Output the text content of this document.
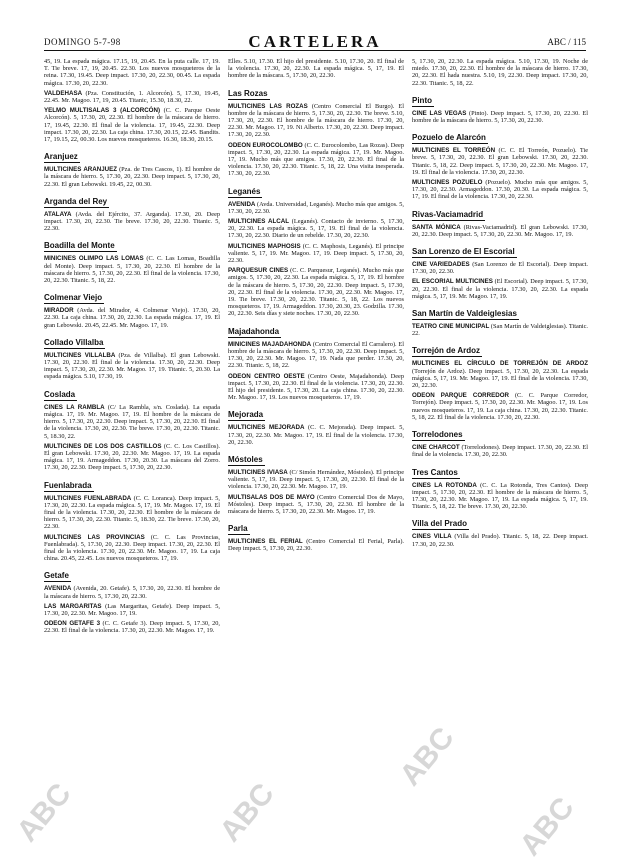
DOMINGO 5-7-98	CARTELERA	ABC / 115
45, 19. La espada mágica. 17.15, 19, 20.45. En la puta calle. 17, 19. T. Tie breve. 17, 19, 20.45. 22.30. Los nuevos mosqueteros de la reina. 17.30, 19.45. Deep impact. 17.30, 20, 22.30, 00.45. La espada mágica. 17.30, 20, 22.30.
VALDEHASA (Pza. Constitución, 1. Alcorcón). 5, 17.30, 19.45, 22.45. Mr. Magoo. 17, 19, 20.45. Titanic, 15.30, 18.30, 22.
YELMO MULTISALAS 3 (ALCORCÓN) (C. C. Parque Oeste Alcorcón). 5, 17.30, 20, 22.30. El hombre de la máscara de hierro. 17, 19.45, 22.30. El final de la violencia. 17, 19.45, 22.30. Deep impact. 17.30, 20, 22.30. La caja china. 17.30, 20.15, 22.45. Bandits. 17, 19.15, 22, 00.30. Los nuevos mosqueteros. 16.30, 18.30, 20.15.
Aranjuez
MULTICINES ARANJUEZ (Pza. de Tres Cascos, 1). El hombre de la máscara de hierro. 5, 17.30, 20, 22.30. Deep impact. 5, 17.30, 20, 22.30. El gran Lebowski. 19.45, 22, 00.30.
Arganda del Rey
ATALAYA (Avda. del Ejército, 37. Arganda). 17.30, 20. Deep impact. 17.30, 20, 22.30. Tie breve. 17.30, 20, 22.30. Titanic. 5, 22.30.
Boadilla del Monte
MINICINES OLIMPO LAS LOMAS (C. C. Las Lomas, Boadilla del Monte). Deep impact. 5, 17.30, 20, 22.30. El hombre de la máscara de hierro. 5, 17.30, 20, 22.30. El final de la violencia. 17.30, 20, 22.30. Titanic. 5, 18, 22.
Colmenar Viejo
MIRADOR (Avda. del Mirador, 4. Colmenar Viejo). 17.30, 20, 22.30. La caja china. 17.30, 20, 22.30. La espada mágica. 17, 19. El gran Lebowski. 20.45, 22.45. Mr. Magoo. 17, 19.
Collado Villalba
MULTICINES VILLALBA (Pza. de Villalba). El gran Lebowski. 17.30, 20, 22.30. El final de la violencia. 17.30, 20, 22.30. Deep impact. 5, 17.30, 20, 22.30. Mr. Magoo. 17, 19. Titanic. 5, 20.30. La espada mágica. 5.10, 17.30, 19.
Coslada
CINES LA RAMBLA (C/ La Rambla, s/n. Coslada). La espada mágica. 17, 19. Mr. Magoo. 17, 19. El hombre de la máscara de hierro. 5, 17.30, 20, 22.30. Deep impact. 5, 17.30, 20, 22.30. El final de la violencia. 17.30, 20, 22.30. Tie breve. 17.30, 20, 22.30. Titanic. 5, 18.30, 22.
MULTICINES DE LOS DOS CASTILLOS (C. C. Los Castillos). El gran Lebowski. 17.30, 20, 22.30. Mr. Magoo. 17, 19. La espada mágica. 17, 19. Armageddon. 17.30, 20.30. La máscara del Zorro. 17.30, 20, 22.30. Deep impact. 5, 17.30, 20, 22.30.
Fuenlabrada
MULTICINES FUENLABRADA (C. C. Loranca). Deep impact. 5, 17.30, 20, 22.30. La espada mágica. 5, 17, 19. Mr. Magoo. 17, 19. El final de la violencia. 17.30, 20, 22.30. El hombre de la máscara de hierro. 5, 17.30, 20, 22.30. Titanic. 5, 18.30, 22. Tie breve. 17.30, 20, 22.30.
MULTICINES LAS PROVINCIAS (C. C. Las Provincias, Fuenlabrada). 5, 17.30, 20, 22.30. Deep impact. 17.30, 20, 22.30. El final de la violencia. 17.30, 20, 22.30. Mr. Magoo. 17, 19. La caja china. 20.45, 22.45. Los nuevos mosqueteros. 17, 19.
Getafe
AVENIDA (Avenida, 20. Getafe). 5, 17.30, 20, 22.30. El hombre de la máscara de hierro. 5, 17.30, 20, 22.30.
LAS MARGARITAS (Las Margaritas, Getafe). Deep impact. 5, 17.30, 20, 22.30. Mr. Magoo. 17, 19.
ODEON GETAFE 3 (C. C. Getafe 3). Deep impact. 5, 17.30, 20, 22.30. El final de la violencia. 17.30, 20, 22.30. Mr. Magoo. 17, 19.
Elles. 5.10, 17.30. El hijo del presidente. 5.10, 17.30, 20. El final de la violencia. 17.30, 20, 22.30. La espada mágica. 5, 17, 19. El hombre de la máscara. 5, 17.30, 20, 22.30.
Las Rozas
MULTICINES LAS ROZAS (Centro Comercial El Burgo). El hombre de la máscara de hierro. 5, 17.30, 20, 22.30. Tie breve. 5.10, 17.30, 20, 22.30. El hombre de la máscara de hierro. 17.30, 20, 22.30. Mr. Magoo. 17, 19. Ni Alberto. 17.30, 20, 22.30. Deep impact. 17.30, 20, 22.30.
ODEON EUROCOLOMBO (C. C. Eurocolombo, Las Rozas). Deep impact. 5, 17.30, 20, 22.30. La espada mágica. 17, 19. Mr. Magoo. 17, 19. Mucho más que amigos. 17.30, 20, 22.30. El final de la violencia. 17.30, 20, 22.30. Titanic. 5, 18, 22. Una visita inesperada. 17.30, 20, 22.30.
Leganés
AVENIDA (Avda. Universidad, Leganés). Mucho más que amigos. 5, 17.30, 20, 22.30.
MULTICINES ALCAL (Leganés). Contacto de invierno. 5, 17.30, 20, 22.30. La espada mágica. 5, 17, 19. El final de la violencia. 17.30, 20, 22.30. Diario de un rebelde. 17.30, 20, 22.30.
MULTICINES MAPHOSIS (C. C. Maphosis, Leganés). El principe valiente. 5, 17, 19. Mr. Magoo. 17, 19. Deep impact. 5, 17.30, 20, 22.30.
PARQUESUR CINES (C. C. Parquesur, Leganés). Mucho más que amigos. 5, 17.30, 20, 22.30. La espada mágica. 5, 17, 19. El hombre de la máscara de hierro. 5, 17.30, 20, 22.30. Deep impact. 5, 17.30, 20, 22.30. El final de la violencia. 17.30, 20, 22.30. Mr. Magoo. 17, 19. Tie breve. 17.30, 20, 22.30. Titanic. 5, 18, 22. Los nuevos mosqueteros. 17, 19. Armageddon. 17.30, 20.30, 23. Godzilla. 17.30, 20, 22.30. Seis días y siete noches. 17.30, 20, 22.30.
Majadahonda
MINICINES MAJADAHONDA (Centro Comercial El Carralero). El hombre de la máscara de hierro. 5, 17.30, 20, 22.30. Deep impact. 5, 17.30, 20, 22.30. Mr. Magoo. 17, 19. Nada que perder. 17.30, 20, 22.30. Titanic. 5, 18, 22.
ODEON CENTRO OESTE (Centro Oeste, Majadahonda). Deep impact. 5, 17.30, 20, 22.30. El final de la violencia. 17.30, 20, 22.30. El hijo del presidente. 5, 17.30, 20. La caja china. 17.30, 20, 22.30. Mr. Magoo. 17, 19. Los nuevos mosqueteros. 17, 19.
Mejorada
MULTICINES MEJORADA (C. C. Mejorada). Deep impact. 5, 17.30, 20, 22.30. Mr. Magoo. 17, 19. El final de la violencia. 17.30, 20, 22.30.
Móstoles
MULTICINES IVIASA (C/ Simón Hernández, Móstoles). El principe valiente. 5, 17, 19. Deep impact. 5, 17.30, 20, 22.30. El final de la violencia. 17.30, 20, 22.30. Mr. Magoo. 17, 19.
MULTISALAS DOS DE MAYO (Centro Comercial Dos de Mayo, Móstoles). Deep impact. 5, 17.30, 20, 22.30. El hombre de la máscara de hierro. 5, 17.30, 20, 22.30. Mr. Magoo. 17, 19.
Parla
MULTICINES EL FERIAL (Centro Comercial El Ferial, Parla). Deep impact. 5, 17.30, 20, 22.30.
5, 17.30, 20, 22.30. La espada mágica. 5.10, 17.30, 19. Noche de miedo. 17.30, 20, 22.30. El hombre de la máscara de hierro. 17.30, 20, 22.30. El hada nuestra. 5.10, 19, 22.30. Deep impact. 17.30, 20, 22.30. Titanic. 5, 18, 22.
Pinto
CINE LAS VEGAS (Pinto). Deep impact. 5, 17.30, 20, 22.30. El hombre de la máscara de hierro. 5, 17.30, 20, 22.30.
Pozuelo de Alarcón
MULTICINES EL TORREÓN (C. C. El Torreón, Pozuelo). Tie breve. 5, 17.30, 20, 22.30. El gran Lebowski. 17.30, 20, 22.30. Titanic. 5, 18, 22. Deep impact. 5, 17.30, 20, 22.30. Mr. Magoo. 17, 19. El final de la violencia. 17.30, 20, 22.30.
MULTICINES POZUELO (Pozuelo). Mucho más que amigos. 5, 17.30, 20, 22.30. Armageddon. 17.30, 20.30. La espada mágica. 5, 17, 19. El final de la violencia. 17.30, 20, 22.30.
Rivas-Vaciamadrid
SANTA MÓNICA (Rivas-Vaciamadrid). El gran Lebowski. 17.30, 20, 22.30. Deep impact. 5, 17.30, 20, 22.30. Mr. Magoo. 17, 19.
San Lorenzo de El Escorial
CINE VARIEDADES (San Lorenzo de El Escorial). Deep impact. 17.30, 20, 22.30.
EL ESCORIAL MULTICINES (El Escorial). Deep impact. 5, 17.30, 20, 22.30. El final de la violencia. 17.30, 20, 22.30. La espada mágica. 5, 17, 19. Mr. Magoo. 17, 19.
San Martín de Valdeiglesias
TEATRO CINE MUNICIPAL (San Martín de Valdeiglesias). Titanic. 22.
Torrejón de Ardoz
MULTICINES EL CÍRCULO DE TORREJÓN DE ARDOZ (Torrejón de Ardoz). Deep impact. 5, 17.30, 20, 22.30. La espada mágica. 5, 17, 19. Mr. Magoo. 17, 19. El final de la violencia. 17.30, 20, 22.30.
ODEON PARQUE CORREDOR (C. C. Parque Corredor, Torrejón). Deep impact. 5, 17.30, 20, 22.30. Mr. Magoo. 17, 19. Los nuevos mosqueteros. 17, 19. La caja china. 17.30, 20, 22.30. Titanic. 5, 18, 22. El final de la violencia. 17.30, 20, 22.30.
Torrelodones
CINE CHARCOT (Torrelodones). Deep impact. 17.30, 20, 22.30. El final de la violencia. 17.30, 20, 22.30.
Tres Cantos
CINES LA ROTONDA (C. C. La Rotonda, Tres Cantos). Deep impact. 5, 17.30, 20, 22.30. El hombre de la máscara de hierro. 5, 17.30, 20, 22.30. Mr. Magoo. 17, 19. La espada mágica. 5, 17, 19. Titanic. 5, 18, 22. Tie breve. 17.30, 20, 22.30.
Villa del Prado
CINES VILLA (Villa del Prado). Titanic. 5, 18, 22. Deep impact. 17.30, 20, 22.30.
ABC	ABC
ABC
ABC
